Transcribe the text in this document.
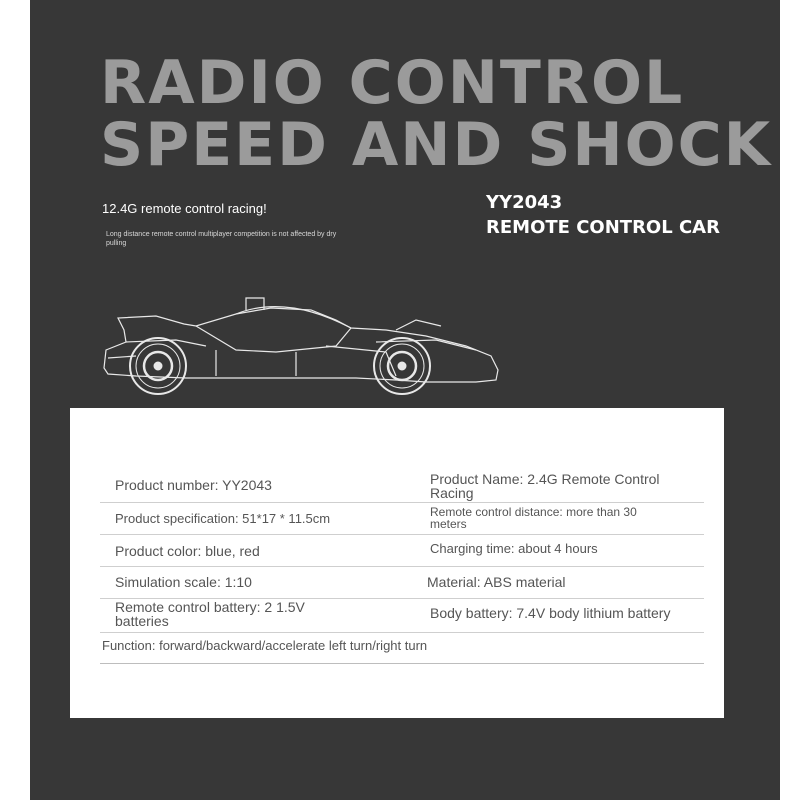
RADIO CONTROL
SPEED AND SHOCK
12.4G remote control racing!
Long distance remote control multiplayer competition is not affected by dry pulling
YY2043
REMOTE CONTROL CAR
Product number: YY2043	Product Name: 2.4G Remote Control Racing
Product specification: 51*17 * 11.5cm	Remote control distance: more than 30 meters
Product color: blue, red	Charging time: about 4 hours
Simulation scale: 1:10	Material: ABS material
Remote control battery: 2 1.5V batteries	Body battery: 7.4V body lithium battery
Function: forward/backward/accelerate left turn/right turn
